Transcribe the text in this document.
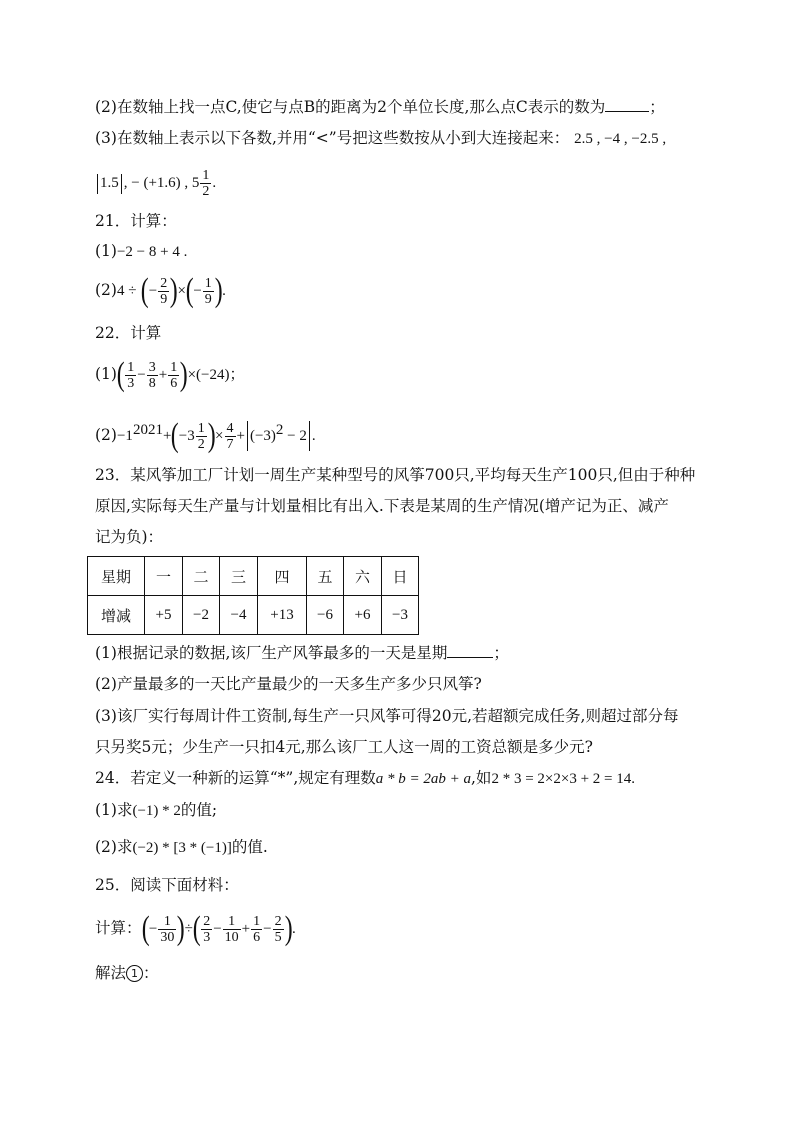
(2)在数轴上找一点C,使它与点B的距离为2个单位长度,那么点C表示的数为	；
(3)在数轴上表示以下各数,并用“<”号把这些数按从小到大连接起来： 2.5 , −4 , −2.5 ,
1.5 , − (+1.6) , $5 \frac{1}{2}$ .
21．计算：
(1)−2 − 8 + 4 .
(2)4 ÷ (− $\frac{2}{9}$ )×(− $\frac{1}{9}$ ).
22．计算
$(1)( \frac{1}{3} - \frac{3}{8} + \frac{1}{6} )\times(-24)$；
$(2)-1^{2021}+(-3 \frac{1}{2}$ )× $\frac{4}{7} + (-3)^2 - 2$ .
23．某风筝加工厂计划一周生产某种型号的风筝700只,平均每天生产100只,但由于种种
原因,实际每天生产量与计划量相比有出入.下表是某周的生产情况(增产记为正、减产
记为负)：
星期	一	二	三	四	五	六	日
增减	+5	−2	−4	+13	−6	+6	−3
(1)根据记录的数据,该厂生产风筝最多的一天是星期	；
(2)产量最多的一天比产量最少的一天多生产多少只风筝?
(3)该厂实行每周计件工资制,每生产一只风筝可得20元,若超额完成任务,则超过部分每
只另奖5元；少生产一只扣4元,那么该厂工人这一周的工资总额是多少元?
24．若定义一种新的运算“*”,规定有理数a * b = 2ab + a,如2 * 3 = 2×2×3 + 2 = 14.
(1)求(−1) * 2的值;
(2)求(−2) * [3 * (−1)]的值.
25．阅读下面材料：
计算：(− $\frac{1}{30}$ )÷( $\frac{2}{3} - \frac{1}{10} + \frac{1}{6} - \frac{2}{5}$ ).
解法 1 ：
